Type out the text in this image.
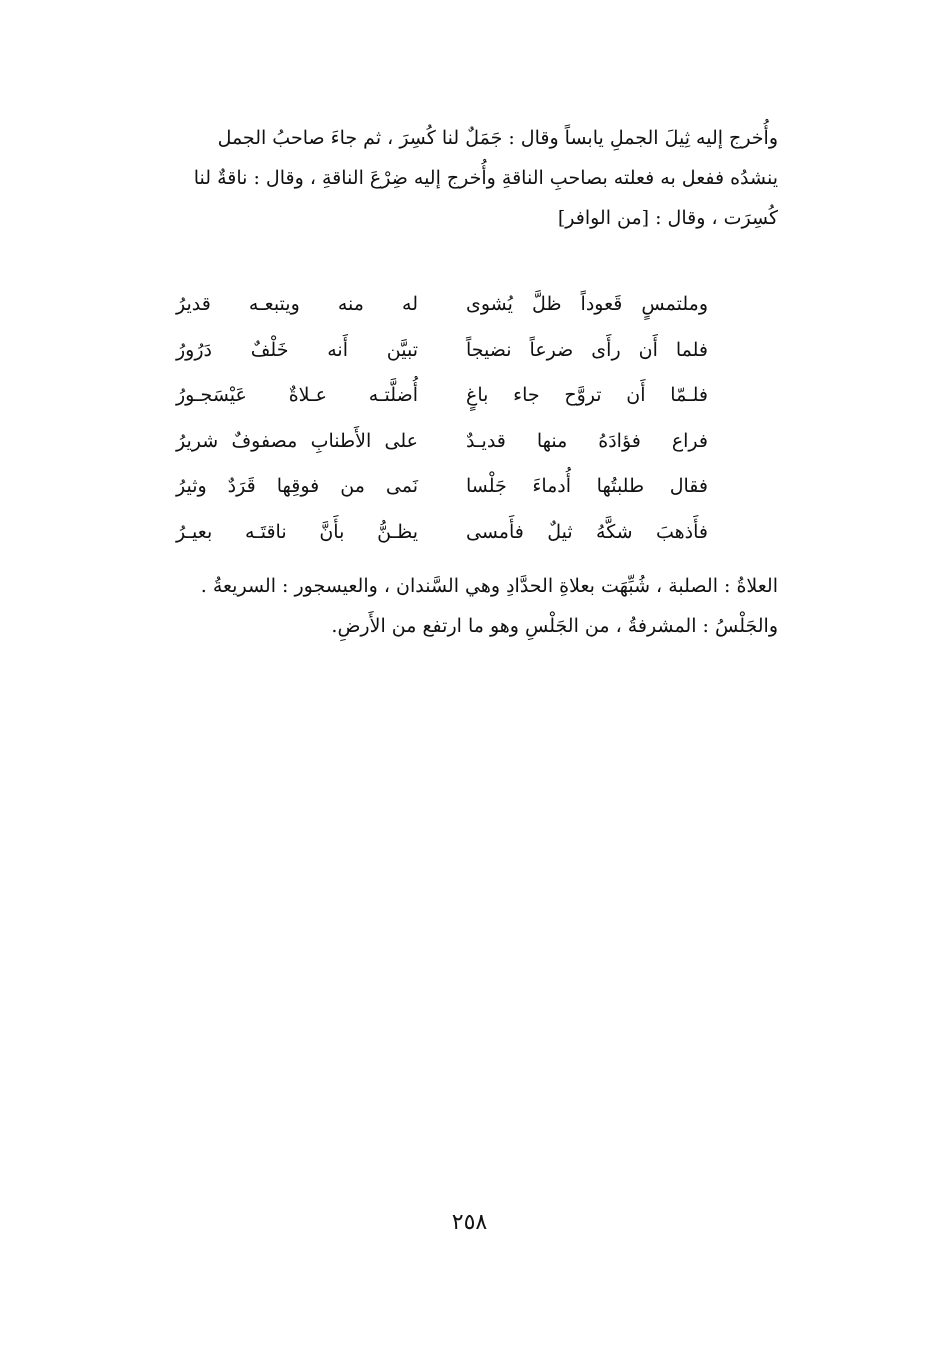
وأُخرج إليه ثِيلَ الجملِ يابساً وقال : جَمَلٌ لنا كُسِرَ ، ثم جاءَ صاحبُ الجمل
ينشدُه ففعل به فعلته بصاحبِ الناقةِ وأُخرج إليه ضِرْعَ الناقةِ ، وقال : ناقةٌ لنا
كُسِرَت ، وقال : [من الوافر]
وملتمسٍ قَعوداً ظلَّ يُشوى
له منه ويتبعـه قديرُ
فلما أَن رأَى ضرعاً نضيجاً
تبيَّن أَنه خَلْفٌ دَرُورُ
فلـمّا أَن تروَّح جاء باغٍ
أُضلَّتـه عـلاةٌ عَيْسَجـورُ
فراع فؤادَهُ منها قديـدٌ
على الأَطنابِ مصفوفٌ شريرُ
فقال طلبتُها أُدماءَ جَلْسا
نَمى من فوقِها قَرَدٌ وثيرُ
فأَذهبَ شكَّهُ ثيلٌ فأَمسى
يظـنُّ بأَنَّ ناقتَـه بعيـرُ
العلاةُ : الصلبة ، شُبِّهَت بعلاةِ الحدَّادِ وهي السَّندان ، والعيسجور : السريعةُ .
والجَلْسُ : المشرفةُ ، من الجَلْسِ وهو ما ارتفع من الأَرضِ.
٢٥٨
